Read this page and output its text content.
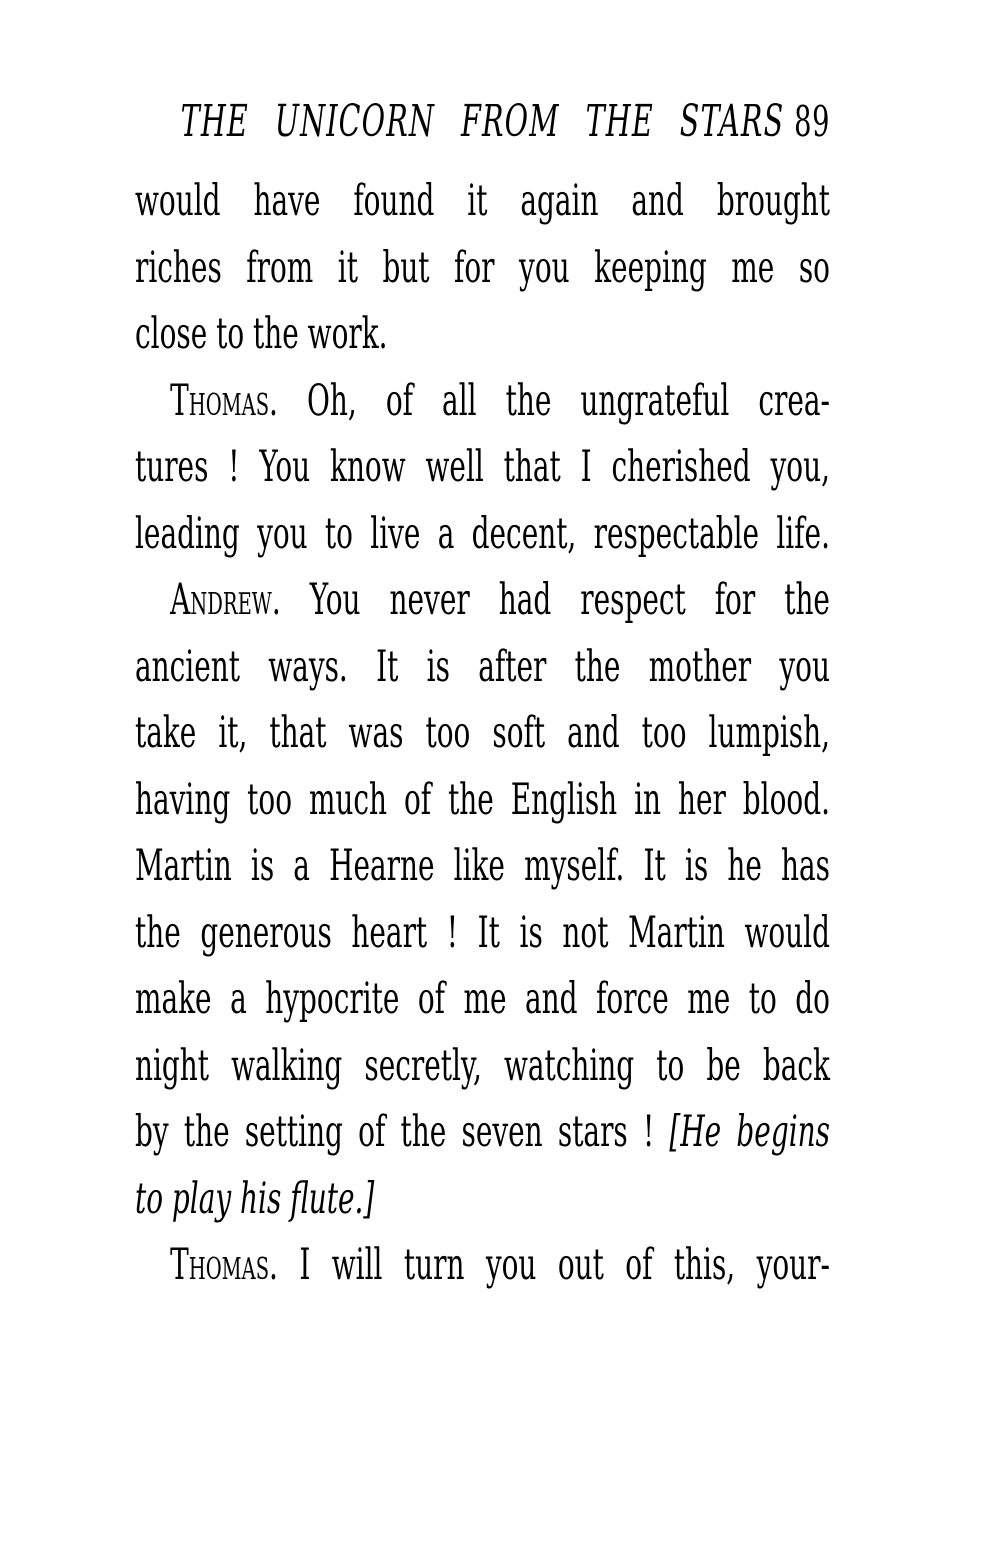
THE UNICORN FROM THE STARS 89
would have found it again and brought
riches from it but for you keeping me so
close to the work.
Thomas. Oh, of all the ungrateful crea-
tures ! You know well that I cherished you,
leading you to live a decent, respectable life.
Andrew. You never had respect for the
ancient ways. It is after the mother you
take it, that was too soft and too lumpish,
having too much of the English in her blood.
Martin is a Hearne like myself. It is he has
the generous heart ! It is not Martin would
make a hypocrite of me and force me to do
night walking secretly, watching to be back
by the setting of the seven stars ! [He begins
to play his flute.]
Thomas. I will turn you out of this, your-
